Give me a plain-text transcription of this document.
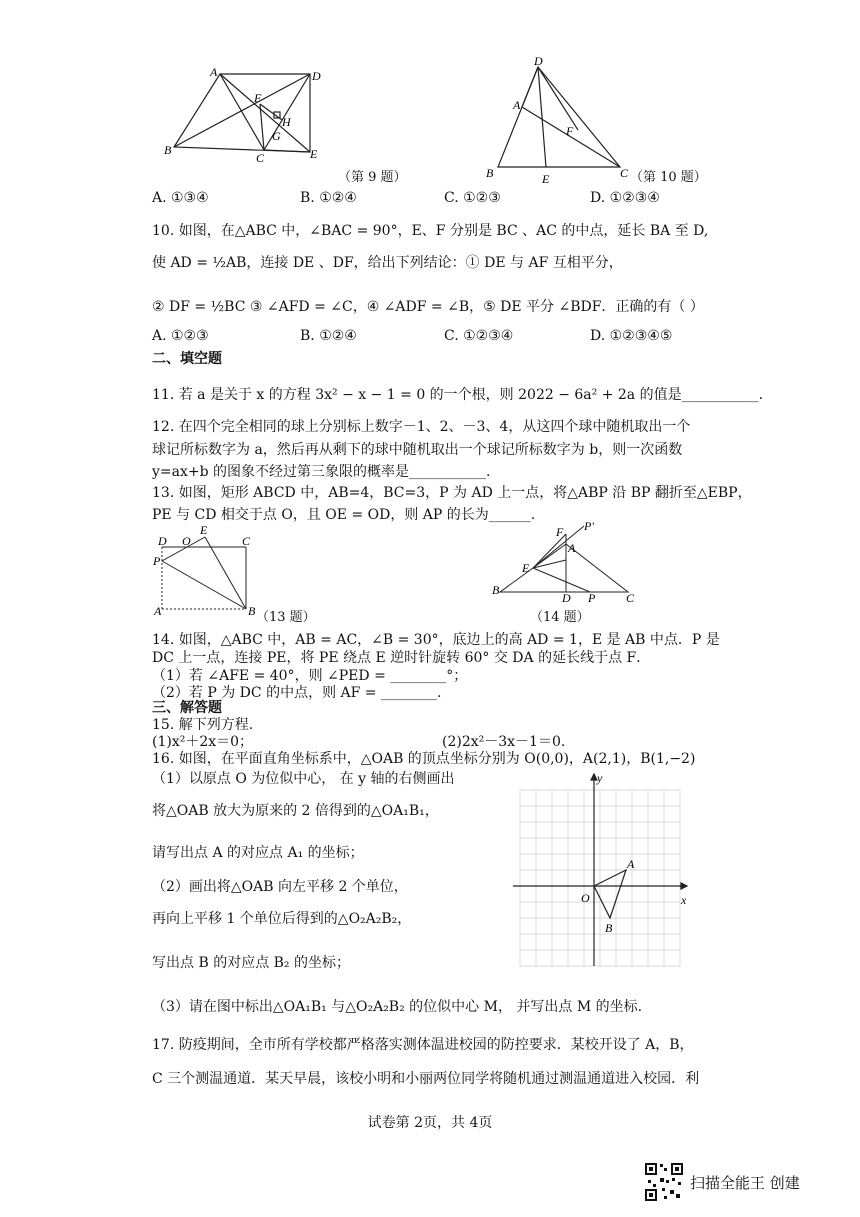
A	D
F
H
G
B
C	E
（第 9 题）
D
A
F
B	E	C （第 10 题）
A. ①③④	B. ①②④	C. ①②③	D. ①②③④
10. 如图，在△ABC 中，∠BAC = 90°，E、F 分别是 BC 、AC 的中点，延长 BA 至 D,
使 AD = ½AB，连接 DE 、DF，给出下列结论：① DE 与 AF 互相平分，
② DF = ½BC ③ ∠AFD = ∠C，④ ∠ADF = ∠B，⑤ DE 平分 ∠BDF．正确的有（ ）
A. ①②③	B. ①②④	C. ①②③④	D. ①②③④⑤
二、填空题
11. 若 a 是关于 x 的方程 3x² − x − 1 = 0 的一个根，则 2022 − 6a² + 2a 的值是___________.
12. 在四个完全相同的球上分别标上数字－1、2、－3、4，从这四个球中随机取出一个
球记所标数字为 a，然后再从剩下的球中随机取出一个球记所标数字为 b，则一次函数
y=ax+b 的图象不经过第三象限的概率是___________.
13. 如图，矩形 ABCD 中，AB=4，BC=3，P 为 AD 上一点，将△ABP 沿 BP 翻折至△EBP，
PE 与 CD 相交于点 O，且 OE = OD，则 AP 的长为______.
D O
E
C
P
A	B （13 题）
F P'
A
E
B
D P	C
（14 题）
14. 如图，△ABC 中，AB = AC，∠B = 30°，底边上的高 AD = 1，E 是 AB 中点．P 是
DC 上一点，连接 PE，将 PE 绕点 E 逆时针旋转 60° 交 DA 的延长线于点 F．
（1）若 ∠AFE = 40°，则 ∠PED = ________°；
（2）若 P 为 DC 的中点，则 AF = ________.
三、解答题
15. 解下列方程.
(1)x²＋2x＝0；	(2)2x²－3x－1＝0.
16. 如图，在平面直角坐标系中，△OAB 的顶点坐标分别为 O(0,0)，A(2,1)，B(1,−2)
（1）以原点 O 为位似中心， 在 y 轴的右侧画出
将△OAB 放大为原来的 2 倍得到的△OA₁B₁，
请写出点 A 的对应点 A₁ 的坐标；
（2）画出将△OAB 向左平移 2 个单位，
再向上平移 1 个单位后得到的△O₂A₂B₂，
写出点 B 的对应点 B₂ 的坐标；
（3）请在图中标出△OA₁B₁ 与△O₂A₂B₂ 的位似中心 M， 并写出点 M 的坐标.
y
x
O
A
B
17. 防疫期间，全市所有学校都严格落实测体温进校园的防控要求．某校开设了 A，B，
C 三个测温通道．某天早晨，该校小明和小丽两位同学将随机通过测温通道进入校园．利
试卷第 2页，共 4页
扫描全能王 创建
